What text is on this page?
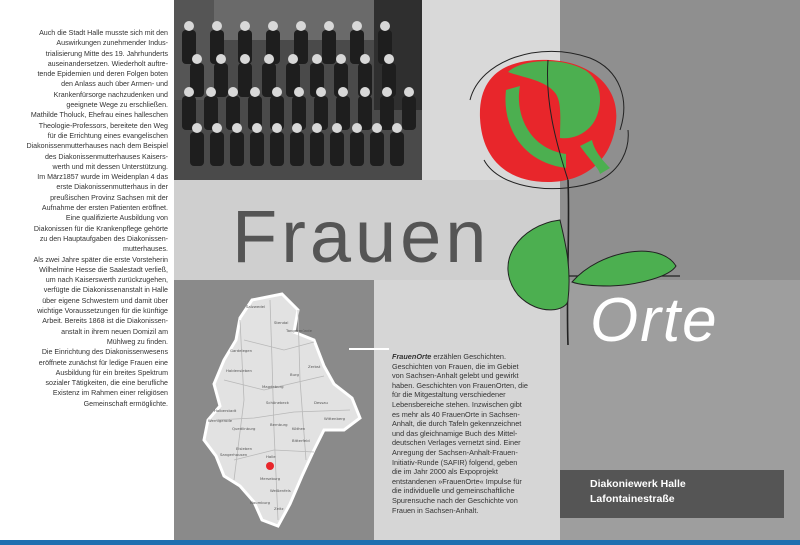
Auch die Stadt Halle musste sich mit den

Auswirkungen zunehmender Indus-

trialisierung Mitte des 19. Jahrhunderts

auseinandersetzen. Wiederholt auftre-

tende Epidemien und deren Folgen boten

den Anlass auch über Armen- und

Krankenfürsorge nachzudenken und

geeignete Wege zu erschließen.

Mathilde Tholuck, Ehefrau eines halleschen

Theologie-Professors, bereitete den Weg

für die Errichtung eines evangelischen

Diakonissenmutterhauses nach dem Beispiel

des Diakonissenmutterhauses Kaisers-

werth und mit dessen Unterstützung.

Im März1857 wurde im Weidenplan 4 das

erste Diakonissenmutterhaus in der

preußischen Provinz Sachsen mit der

Aufnahme der ersten Patienten eröffnet.

Eine qualifizierte Ausbildung von

Diakonissen für die Krankenpflege gehörte

zu den Hauptaufgaben des Diakonissen-

mutterhauses.

Als zwei Jahre später die erste Vorsteherin

Wilhelmine Hesse die Saalestadt verließ,

um nach Kaiserswerth zurückzugehen,

verfügte die Diakonissenanstalt in Halle

über eigene Schwestern und damit über

wichtige Voraussetzungen für die künftige

Arbeit. Bereits 1868 ist die Diakonissen-

anstalt in ihrem neuen Domizil am

Mühlweg zu finden.

Die Einrichtung des Diakonissenwesens

eröffnete zunächst für ledige Frauen eine

Ausbildung für ein breites Spektrum

sozialer Tätigkeiten, die eine berufliche

Existenz im Rahmen einer religiösen

Gemeinschaft ermöglichte.

Salzwedel
Stendal
Tangermünde
Gardelegen
Haldensleben
Burg
Zerbst
Magdeburg
Schönebeck	Dessau
Halberstadt
Wernigerode
Quedlinburg
Bernburg
Köthen
Wittenberg
Sangerhausen	Halle
Merseburg
Naumburg
Zeitz
Weißenfels
Bitterfeld
Eisleben
FrauenOrte erzählen Geschichten.
Geschichten von Frauen, die im Gebiet
von Sachsen-Anhalt gelebt und gewirkt
haben. Geschichten von FrauenOrten, die
für die Mitgestaltung verschiedener
Lebensbereiche stehen. Inzwischen gibt
es mehr als 40 FrauenOrte in Sachsen-
Anhalt, die durch Tafeln gekennzeichnet
und das gleichnamige Buch des Mittel-
deutschen Verlages vernetzt sind. Einer
Anregung der Sachsen-Anhalt-Frauen-
Initiativ-Runde (SAFIR) folgend, geben
die im Jahr 2000 als Expoprojekt
entstandenen »FrauenOrte« Impulse für
die individuelle und gemeinschaftliche
Spurensuche nach der Geschichte von
Frauen in Sachsen-Anhalt.
Frauen
Orte
Diakoniewerk Halle
Lafontainestraße
